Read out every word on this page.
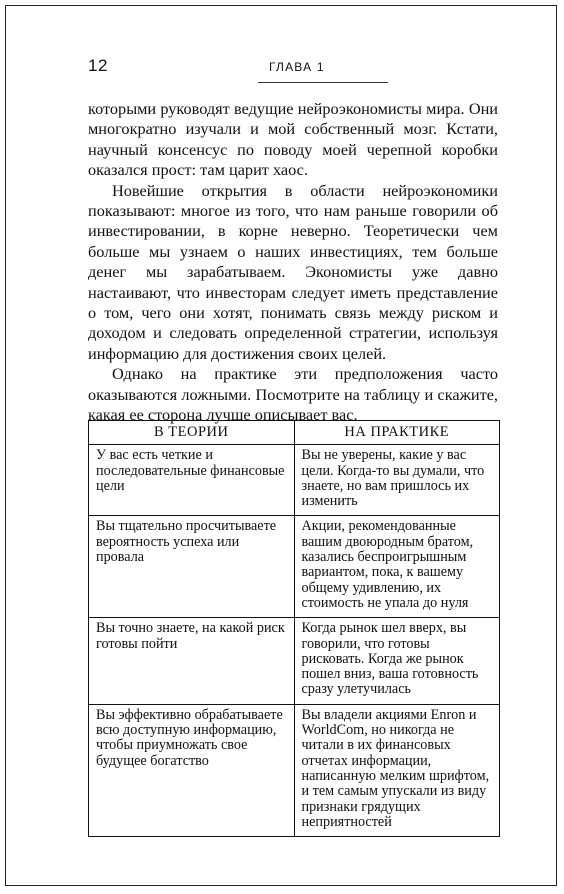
12	ГЛАВА 1

которыми руководят ведущие нейроэкономисты мира. Они многократно изучали и мой собственный мозг. Кстати, научный консенсус по поводу моей черепной коробки оказался прост: там царит хаос.

Новейшие открытия в области нейроэкономики показывают: многое из того, что нам раньше говорили об инвестировании, в корне неверно. Теоретически чем больше мы узнаем о наших инвестициях, тем больше денег мы зарабатываем. Экономисты уже давно настаивают, что инвесторам следует иметь представление о том, чего они хотят, понимать связь между риском и доходом и следовать определенной стратегии, используя информацию для достижения своих целей.

Однако на практике эти предположения часто оказываются ложными. Посмотрите на таблицу и скажите, какая ее сторона лучше описывает вас.

В ТЕОРИИ	НА ПРАКТИКЕ
У вас есть четкие и последовательные финансовые цели	Вы не уверены, какие у вас цели. Когда-то вы думали, что знаете, но вам пришлось их изменить
Вы тщательно просчитываете вероятность успеха или провала	Акции, рекомендованные вашим двоюродным братом, казались беспроигрышным вариантом, пока, к вашему общему удивлению, их стоимость не упала до нуля
Вы точно знаете, на какой риск готовы пойти	Когда рынок шел вверх, вы говорили, что готовы рисковать. Когда же рынок пошел вниз, ваша готовность сразу улетучилась
Вы эффективно обрабатываете всю доступную информацию, чтобы приумножать свое будущее богатство	Вы владели акциями Enron и WorldCom, но никогда не читали в их финансовых отчетах информации, написанную мелким шрифтом, и тем самым упускали из виду признаки грядущих неприятностей
